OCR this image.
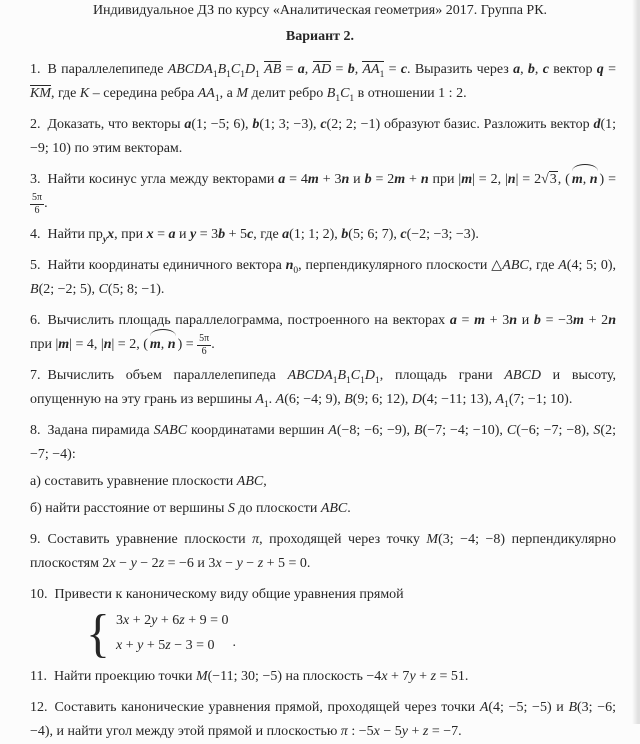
Индивидуальное ДЗ по курсу «Аналитическая геометрия» 2017. Группа РК.
Вариант 2.
1. В параллелепипеде $ABCDA_1B_1C_1D_1$ AB = a, AD = b, $AA_1 = c$. Выразить через a, b, c вектор q = KM, где K – середина ребра $AA_1$, а M делит ребро $B_1C_1$ в отношении 1 : 2.
2. Доказать, что векторы a(1; −5; 6), b(1; 3; −3), c(2; 2; −1) образуют базис. Разложить вектор d(1; −9; 10) по этим векторам.
3. Найти косинус угла между векторами a = 4m + 3n и b = 2m + n при |m| = 2, |n| = 2√3, ( m, n ) =
$\frac{5\pi}{6}$ .
4. Найти $пр_yx$, при x = a и y = 3b + 5c, где a(1; 1; 2), b(5; 6; 7), c(−2; −3; −3).
5. Найти координаты единичного вектора $n_0$, перпендикулярного плоскости △ABC, где A(4; 5; 0), B(2; −2; 5), C(5; 8; −1).
6. Вычислить площадь параллелограмма, построенного на векторах a = m + 3n и b = −3m + 2n при |m| = 4, |n| = 2, ( m, n ) = $\frac{5\pi}{6}$ .
7. Вычислить объем параллелепипеда $ABCDA_1B_1C_1D_1$, площадь грани ABCD и высоту, опущенную на эту грань из вершины $A_1$. A(6; −4; 9), B(9; 6; 12), D(4; −11; 13), $A_1(7$; −1; 10).
8. Задана пирамида SABC координатами вершин A(−8; −6; −9), B(−7; −4; −10), C(−6; −7; −8), S(2; −7; −4):
а) составить уравнение плоскости ABC,
б) найти расстояние от вершины S до плоскости ABC.
9. Составить уравнение плоскости π, проходящей через точку M(3; −4; −8) перпендикулярно плоскостям 2x − y − 2z = −6 и 3x − y − z + 5 = 0.
10. Привести к каноническому виду общие уравнения прямой
{ 3x + 2y + 6z + 9 = 0
x + y + 5z − 3 = 0	.
11. Найти проекцию точки M(−11; 30; −5) на плоскость −4x + 7y + z = 51.
12. Составить канонические уравнения прямой, проходящей через точки A(4; −5; −5) и B(3; −6; −4), и найти угол между этой прямой и плоскостью π : −5x − 5y + z = −7.
